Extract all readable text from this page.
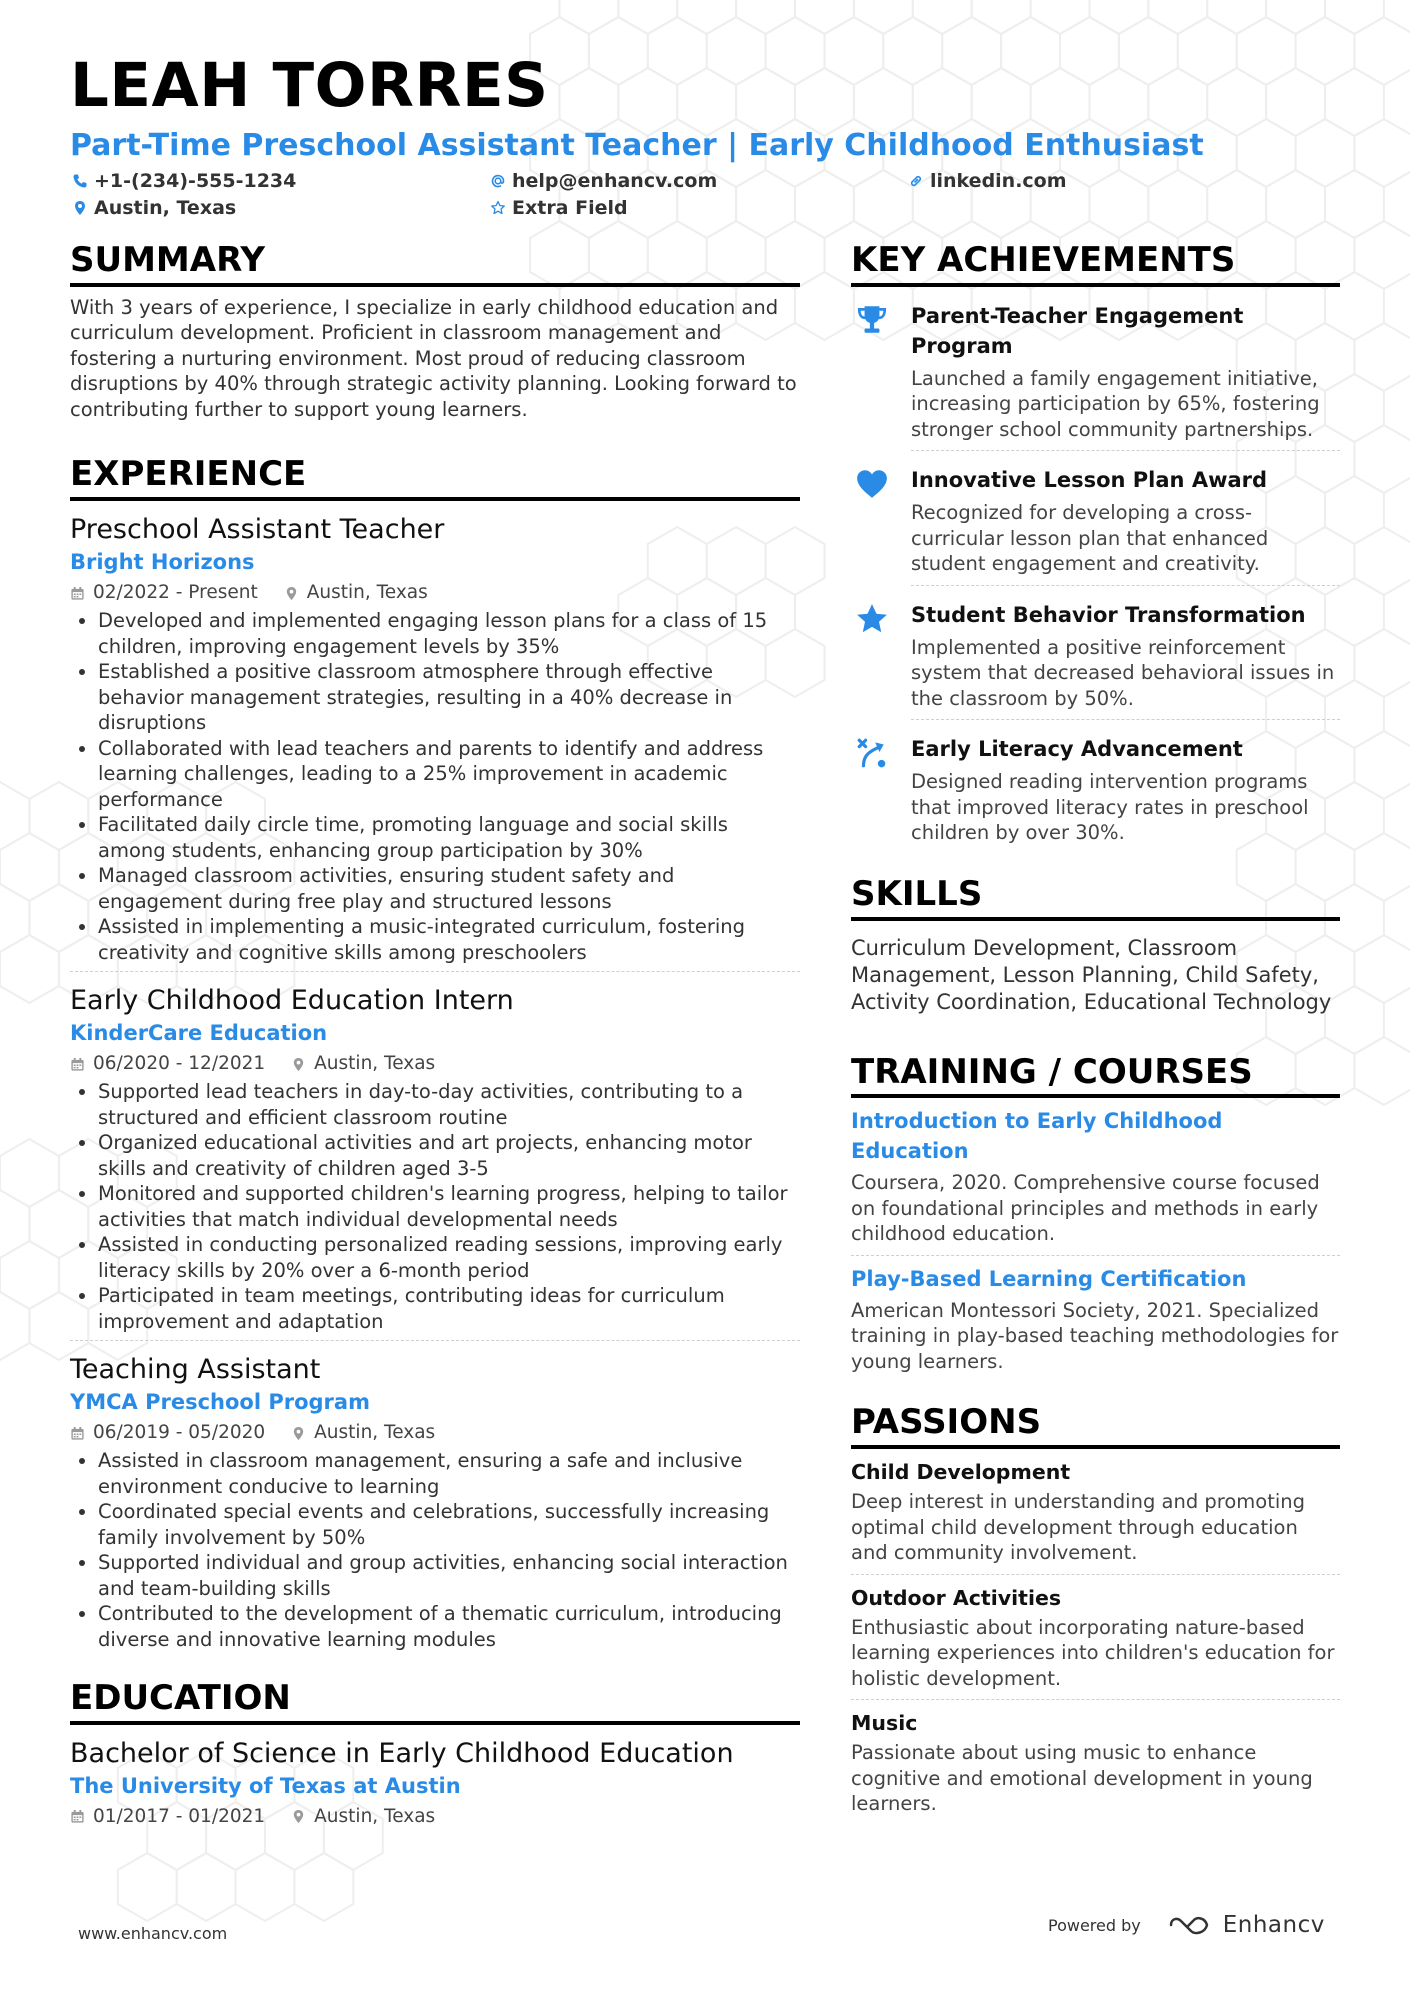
LEAH TORRES
Part-Time Preschool Assistant Teacher | Early Childhood Enthusiast
+1-(234)-555-1234	help@enhancv.com	linkedin.com
Austin, Texas	Extra Field
SUMMARY

With 3 years of experience, I specialize in early childhood education and curriculum development. Proficient in classroom management and fostering a nurturing environment. Most proud of reducing classroom disruptions by 40% through strategic activity planning. Looking forward to contributing further to support young learners.

EXPERIENCE
Preschool Assistant Teacher
Bright Horizons
02/2022 - Present	Austin, Texas
• Developed and implemented engaging lesson plans for a class of 15 children, improving engagement levels by 35%
• Established a positive classroom atmosphere through effective behavior management strategies, resulting in a 40% decrease in disruptions
• Collaborated with lead teachers and parents to identify and address learning challenges, leading to a 25% improvement in academic performance
• Facilitated daily circle time, promoting language and social skills among students, enhancing group participation by 30%
• Managed classroom activities, ensuring student safety and engagement during free play and structured lessons
• Assisted in implementing a music-integrated curriculum, fostering creativity and cognitive skills among preschoolers
Early Childhood Education Intern
KinderCare Education
06/2020 - 12/2021	Austin, Texas
• Supported lead teachers in day-to-day activities, contributing to a structured and efficient classroom routine
• Organized educational activities and art projects, enhancing motor skills and creativity of children aged 3-5
• Monitored and supported children's learning progress, helping to tailor activities that match individual developmental needs
• Assisted in conducting personalized reading sessions, improving early literacy skills by 20% over a 6-month period
• Participated in team meetings, contributing ideas for curriculum improvement and adaptation
Teaching Assistant
YMCA Preschool Program
06/2019 - 05/2020	Austin, Texas
• Assisted in classroom management, ensuring a safe and inclusive environment conducive to learning
• Coordinated special events and celebrations, successfully increasing family involvement by 50%
• Supported individual and group activities, enhancing social interaction and team-building skills
• Contributed to the development of a thematic curriculum, introducing diverse and innovative learning modules
EDUCATION
Bachelor of Science in Early Childhood Education
The University of Texas at Austin
01/2017 - 01/2021	Austin, Texas
KEY ACHIEVEMENTS
Parent-Teacher Engagement Program
Launched a family engagement initiative, increasing participation by 65%, fostering stronger school community partnerships.
Innovative Lesson Plan Award
Recognized for developing a cross-curricular lesson plan that enhanced student engagement and creativity.
Student Behavior Transformation
Implemented a positive reinforcement system that decreased behavioral issues in the classroom by 50%.
Early Literacy Advancement
Designed reading intervention programs that improved literacy rates in preschool children by over 30%.
SKILLS

Curriculum Development, Classroom Management, Lesson Planning, Child Safety, Activity Coordination, Educational Technology

TRAINING / COURSES
Introduction to Early Childhood Education
Coursera, 2020. Comprehensive course focused on foundational principles and methods in early childhood education.
Play-Based Learning Certification
American Montessori Society, 2021. Specialized training in play-based teaching methodologies for young learners.
PASSIONS
Child Development
Deep interest in understanding and promoting optimal child development through education and community involvement.
Outdoor Activities
Enthusiastic about incorporating nature-based learning experiences into children's education for holistic development.
Music
Passionate about using music to enhance cognitive and emotional development in young learners.
www.enhancv.com	Powered by	Enhancv
